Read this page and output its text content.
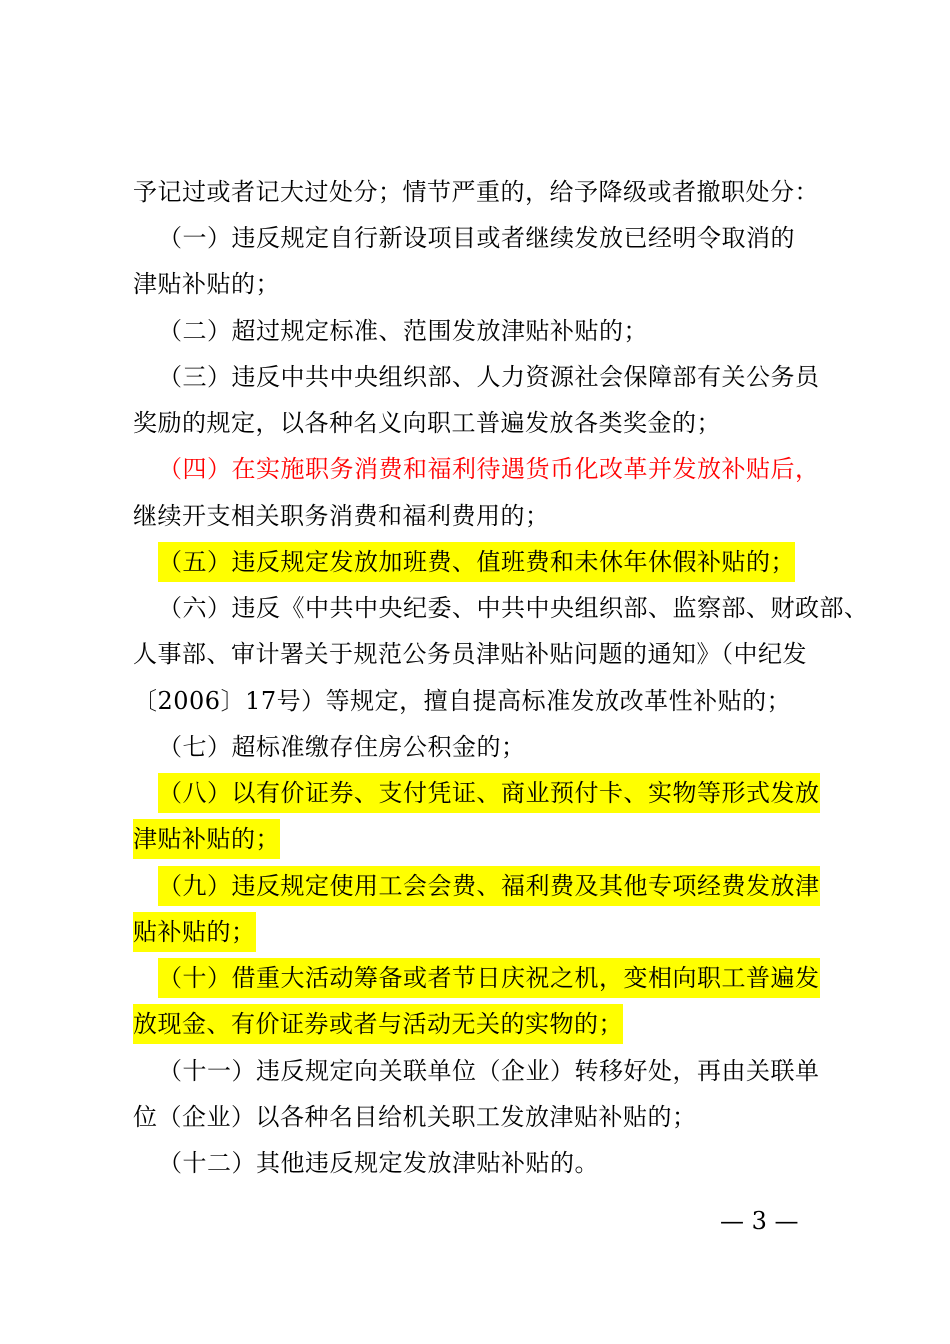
予记过或者记大过处分；情节严重的，给予降级或者撤职处分：
（一）违反规定自行新设项目或者继续发放已经明令取消的
津贴补贴的；
（二）超过规定标准、范围发放津贴补贴的；
（三）违反中共中央组织部、人力资源社会保障部有关公务员
奖励的规定，以各种名义向职工普遍发放各类奖金的；
（四）在实施职务消费和福利待遇货币化改革并发放补贴后，
继续开支相关职务消费和福利费用的；
（五）违反规定发放加班费、值班费和未休年休假补贴的；
（六）违反《中共中央纪委、中共中央组织部、监察部、财政部、
人事部、审计署关于规范公务员津贴补贴问题的通知》（中纪发
〔2006〕17号）等规定，擅自提高标准发放改革性补贴的；
（七）超标准缴存住房公积金的；
（八）以有价证券、支付凭证、商业预付卡、实物等形式发放
津贴补贴的；
（九）违反规定使用工会会费、福利费及其他专项经费发放津
贴补贴的；
（十）借重大活动筹备或者节日庆祝之机，变相向职工普遍发
放现金、有价证券或者与活动无关的实物的；
（十一）违反规定向关联单位（企业）转移好处，再由关联单
位（企业）以各种名目给机关职工发放津贴补贴的；
（十二）其他违反规定发放津贴补贴的。
— 3 —
